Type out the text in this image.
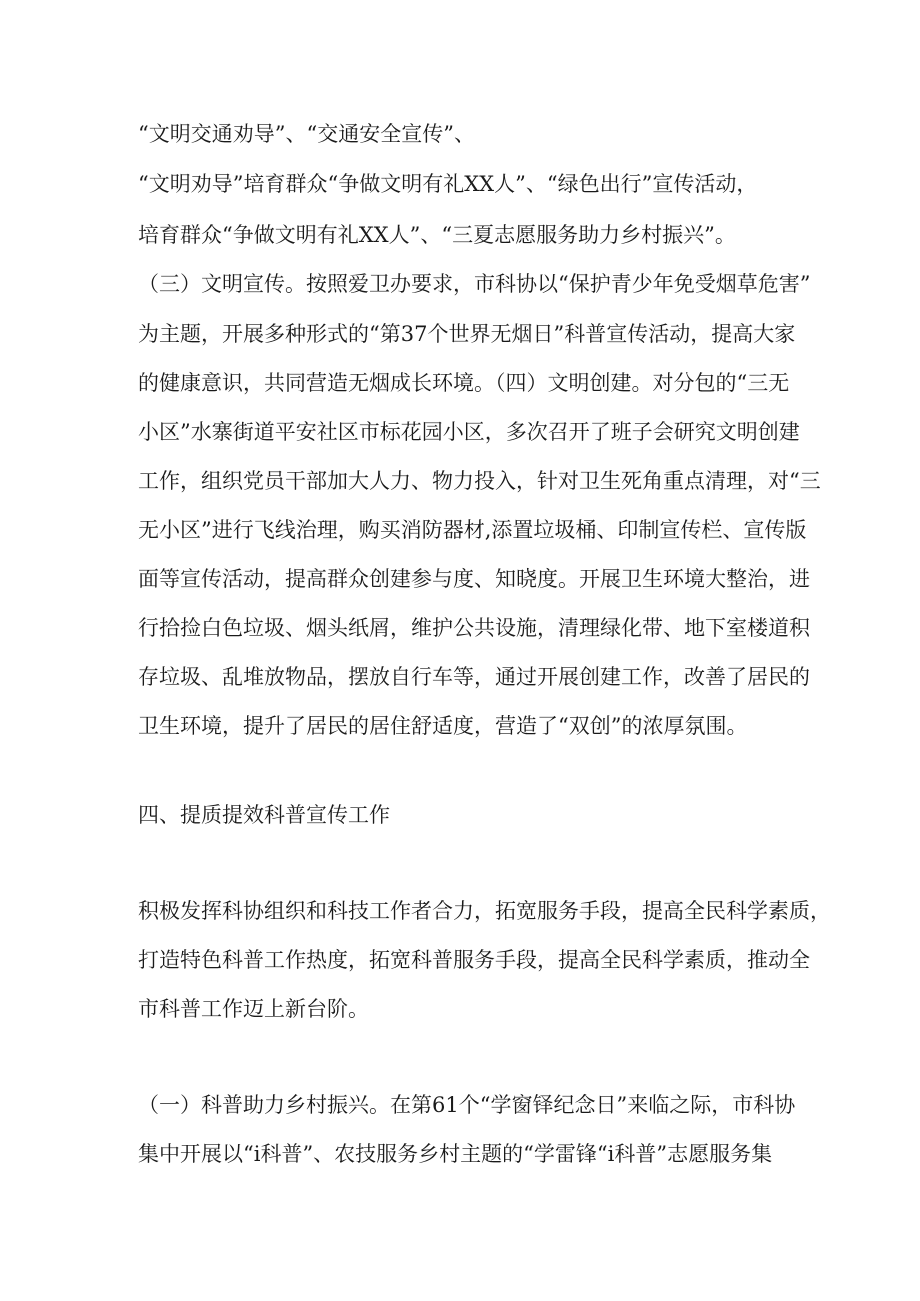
“文明交通劝导”、“交通安全宣传”、
“文明劝导”培育群众“争做文明有礼XX人”、“绿色出行”宣传活动，
培育群众“争做文明有礼XX人”、“三夏志愿服务助力乡村振兴”。
（三）文明宣传。按照爱卫办要求，市科协以“保护青少年免受烟草危害”
为主题，开展多种形式的“第37个世界无烟日”科普宣传活动，提高大家
的健康意识，共同营造无烟成长环境。（四）文明创建。对分包的“三无
小区”水寨街道平安社区市标花园小区，多次召开了班子会研究文明创建
工作，组织党员干部加大人力、物力投入，针对卫生死角重点清理，对“三
无小区”进行飞线治理，购买消防器材,添置垃圾桶、印制宣传栏、宣传版
面等宣传活动，提高群众创建参与度、知晓度。开展卫生环境大整治，进
行拾捡白色垃圾、烟头纸屑，维护公共设施，清理绿化带、地下室楼道积
存垃圾、乱堆放物品，摆放自行车等，通过开展创建工作，改善了居民的
卫生环境，提升了居民的居住舒适度，营造了“双创”的浓厚氛围。
四、提质提效科普宣传工作
积极发挥科协组织和科技工作者合力，拓宽服务手段，提高全民科学素质，
打造特色科普工作热度，拓宽科普服务手段，提高全民科学素质，推动全
市科普工作迈上新台阶。
（一）科普助力乡村振兴。在第61个“学窗铎纪念日”来临之际，市科协
集中开展以“i科普”、农技服务乡村主题的“学雷锋“i科普”志愿服务集
